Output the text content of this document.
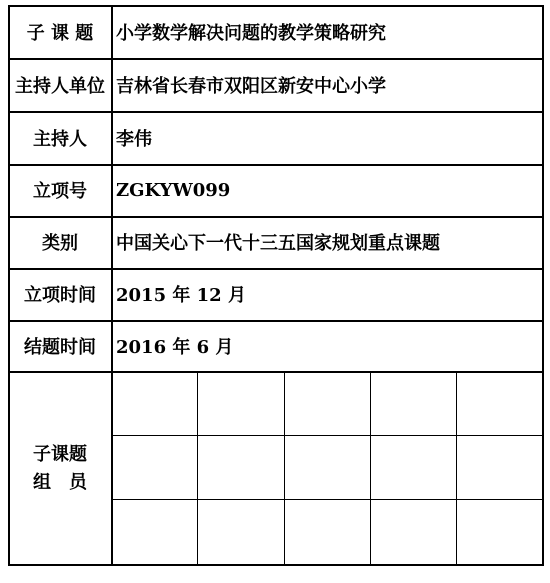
子 课 题	小学数学解决问题的教学策略研究
主持人单位 吉林省长春市双阳区新安中心小学
主持人	李伟
立项号	ZGKYW099
类别	中国关心下一代十三五国家规划重点课题
立项时间	2015 年 12 月
结题时间	2016 年 6 月
子课题
组　员
